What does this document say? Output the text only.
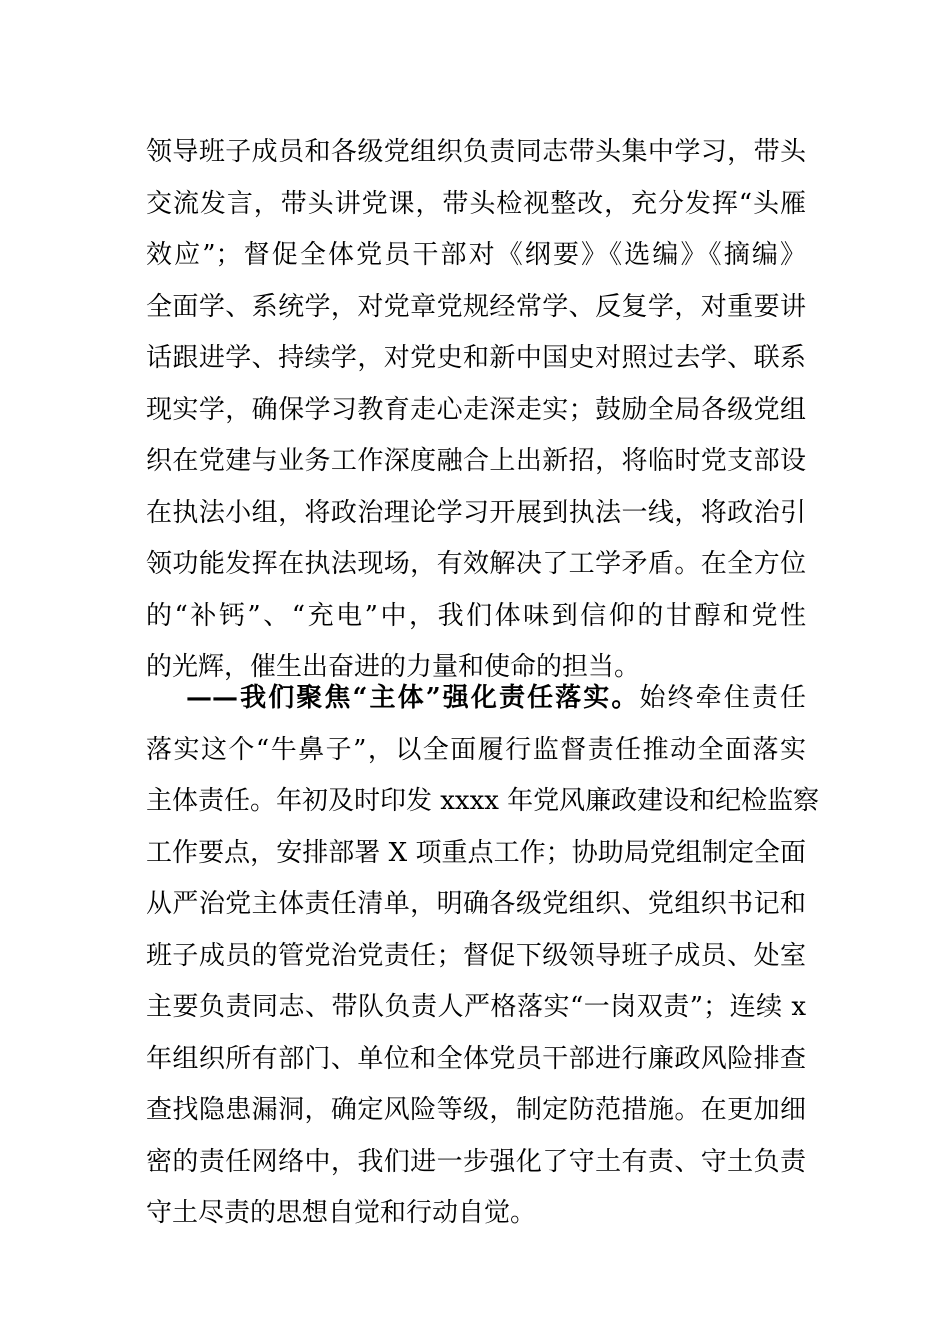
领导班子成员和各级党组织负责同志带头集中学习，带头
交流发言，带头讲党课，带头检视整改，充分发挥“头雁
效应”；督促全体党员干部对《纲要》《选编》《摘编》
全面学、系统学，对党章党规经常学、反复学，对重要讲
话跟进学、持续学，对党史和新中国史对照过去学、联系
现实学，确保学习教育走心走深走实；鼓励全局各级党组
织在党建与业务工作深度融合上出新招，将临时党支部设
在执法小组，将政治理论学习开展到执法一线，将政治引
领功能发挥在执法现场，有效解决了工学矛盾。在全方位
的“补钙”、“充电”中，我们体味到信仰的甘醇和党性
的光辉，催生出奋进的力量和使命的担当。
——我们聚焦“主体”强化责任落实。始终牵住责任
落实这个“牛鼻子”，以全面履行监督责任推动全面落实
主体责任。年初及时印发 xxxx 年党风廉政建设和纪检监察
工作要点，安排部署 X 项重点工作；协助局党组制定全面
从严治党主体责任清单，明确各级党组织、党组织书记和
班子成员的管党治党责任；督促下级领导班子成员、处室
主要负责同志、带队负责人严格落实“一岗双责”；连续 x
年组织所有部门、单位和全体党员干部进行廉政风险排查
查找隐患漏洞，确定风险等级，制定防范措施。在更加细
密的责任网络中，我们进一步强化了守土有责、守土负责
守土尽责的思想自觉和行动自觉。
